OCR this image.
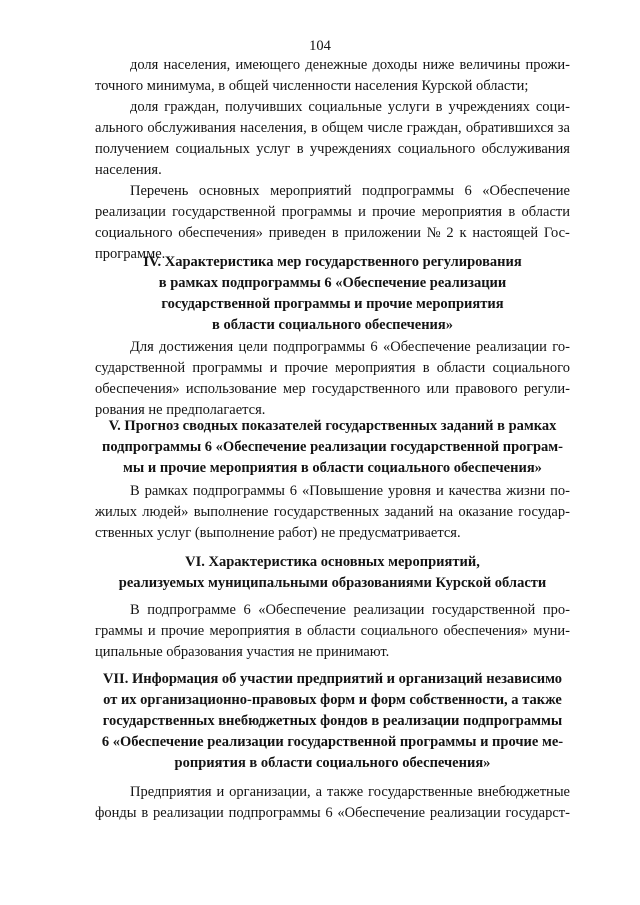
104
доля населения, имеющего денежные доходы ниже величины прожи-
точного минимума, в общей численности населения Курской области;
доля граждан, получивших социальные услуги в учреждениях соци-
ального обслуживания населения, в общем числе граждан, обратившихся за
получением социальных услуг в учреждениях социального обслуживания
населения.
Перечень основных мероприятий подпрограммы 6 «Обеспечение
реализации государственной программы и прочие мероприятия в области
социального обеспечения» приведен в приложении № 2 к настоящей Гос-
программе.
IV. Характеристика мер государственного регулирования
в рамках подпрограммы 6 «Обеспечение реализации
государственной программы и прочие мероприятия
в области социального обеспечения»
Для достижения цели подпрограммы 6 «Обеспечение реализации го-
сударственной программы и прочие мероприятия в области социального
обеспечения» использование мер государственного или правового регули-
рования не предполагается.
V. Прогноз сводных показателей государственных заданий в рамках
подпрограммы 6 «Обеспечение реализации государственной програм-
мы и прочие мероприятия в области социального обеспечения»
В рамках подпрограммы 6 «Повышение уровня и качества жизни по-
жилых людей» выполнение государственных заданий на оказание государ-
ственных услуг (выполнение работ) не предусматривается.
VI. Характеристика основных мероприятий,
реализуемых муниципальными образованиями Курской области
В подпрограмме 6 «Обеспечение реализации государственной про-
граммы и прочие мероприятия в области социального обеспечения» муни-
ципальные образования участия не принимают.
VII. Информация об участии предприятий и организаций независимо
от их организационно-правовых форм и форм собственности, а также
государственных внебюджетных фондов в реализации подпрограммы
6 «Обеспечение реализации государственной программы и прочие ме-
роприятия в области социального обеспечения»
Предприятия и организации, а также государственные внебюджетные
фонды в реализации подпрограммы 6 «Обеспечение реализации государст-
